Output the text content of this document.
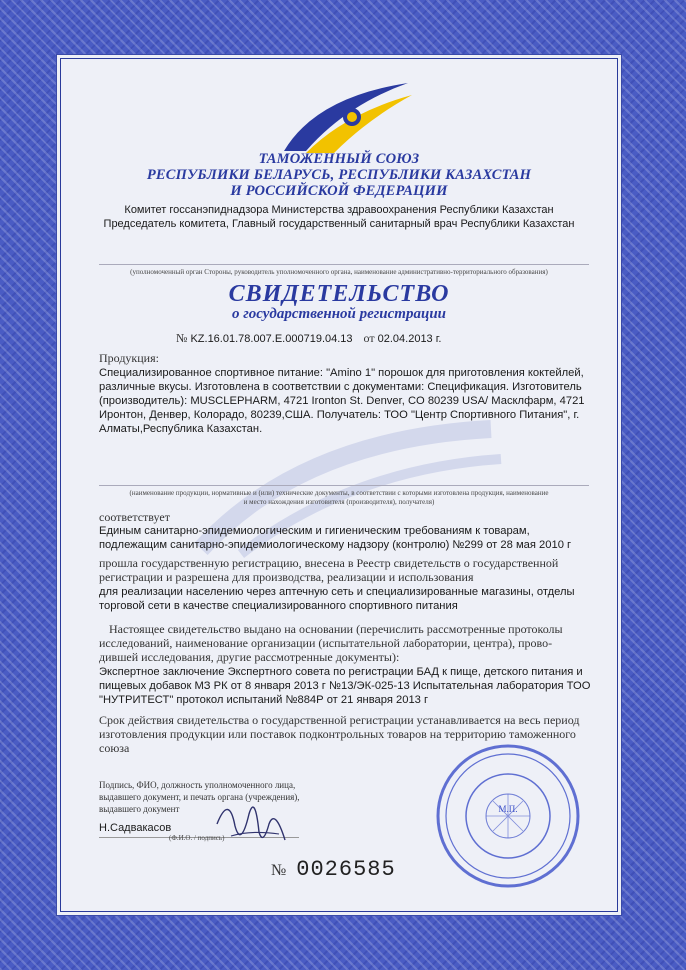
ТАМОЖЕННЫЙ СОЮЗ
РЕСПУБЛИКИ БЕЛАРУСЬ, РЕСПУБЛИКИ КАЗАХСТАН
И РОССИЙСКОЙ ФЕДЕРАЦИИ
Комитет госсанэпиднадзора Министерства здравоохранения Республики Казахстан
Председатель комитета, Главный государственный санитарный врач Республики Казахстан
(уполномоченный орган Стороны, руководитель уполномоченного органа, наименование административно-территориального образования)
СВИДЕТЕЛЬСТВО
о государственной регистрации
№ KZ.16.01.78.007.E.000719.04.13 от 02.04.2013 г.
Продукция:
Специализированное спортивное питание: "Amino 1" порошок для приготовления коктейлей,
различные вкусы. Изготовлена в соответствии с документами: Спецификация. Изготовитель
(производитель): MUSCLEPHARM, 4721 Ironton St. Denver, CO 80239 USA/ Масклфарм, 4721
Иронтон, Денвер, Колорадо, 80239,США. Получатель: ТОО "Центр Спортивного Питания", г.
Алматы,Республика Казахстан.
(наименование продукции, нормативные и (или) технические документы, в соответствии с которыми изготовлена продукция, наименование
и место нахождения изготовителя (производителя), получателя)
соответствует
Единым санитарно-эпидемиологическим и гигиеническим требованиям к товарам,
подлежащим санитарно-эпидемиологическому надзору (контролю) №299 от 28 мая 2010 г
прошла государственную регистрацию, внесена в Реестр свидетельств о государственной
регистрации и разрешена для производства, реализации и использования
для реализации населению через аптечную сеть и специализированные магазины, отделы
торговой сети в качестве специализированного спортивного питания
Настоящее свидетельство выдано на основании (перечислить рассмотренные протоколы
исследований, наименование организации (испытательной лаборатории, центра), прово-
дившей исследования, другие рассмотренные документы):
Экспертное заключение Экспертного совета по регистрации БАД к пище, детского питания и
пищевых добавок МЗ РК от 8 января 2013 г №13/ЭК-025-13 Испытательная лаборатория ТОО
"НУТРИТЕСТ" протокол испытаний №884Р от 21 января 2013 г
Срок действия свидетельства о государственной регистрации устанавливается на весь период
изготовления продукции или поставок подконтрольных товаров на территорию таможенного
союза
Подпись, ФИО, должность уполномоченного лица,
выдавшего документ, и печать органа (учреждения),
выдавшего документ
Н.Садвакасов
(Ф.И.О. / подпись)
№ 0026585
М.П.
